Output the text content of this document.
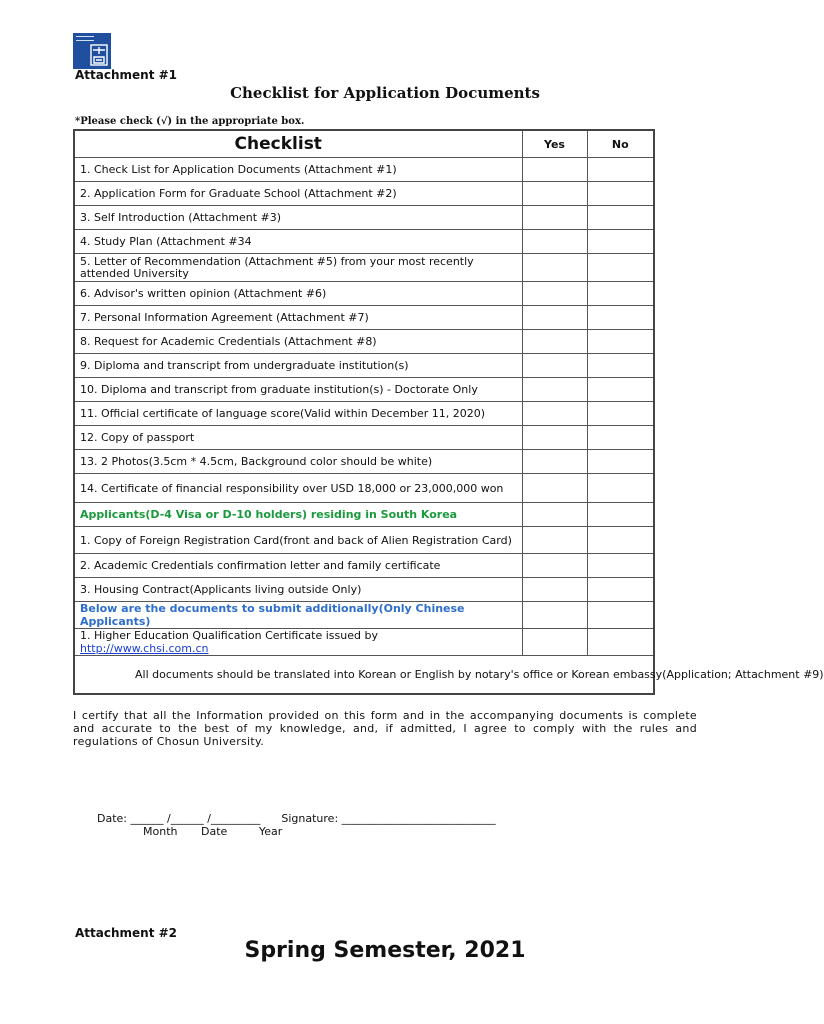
Attachment #1
Checklist for Application Documents
*Please check (√) in the appropriate box.
Checklist	Yes	No
1. Check List for Application Documents (Attachment #1)		
2. Application Form for Graduate School (Attachment #2)		
3. Self Introduction (Attachment #3)		
4. Study Plan (Attachment #34		
5. Letter of Recommendation (Attachment #5) from your most recently attended University		
6. Advisor's written opinion (Attachment #6)		
7. Personal Information Agreement (Attachment #7)		
8. Request for Academic Credentials (Attachment #8)		
9. Diploma and transcript from undergraduate institution(s)		
10. Diploma and transcript from graduate institution(s) - Doctorate Only		
11. Official certificate of language score(Valid within December 11, 2020)		
12. Copy of passport		
13. 2 Photos(3.5cm * 4.5cm, Background color should be white)		
14. Certificate of financial responsibility over USD 18,000 or 23,000,000 won		
Applicants(D-4 Visa or D-10 holders) residing in South Korea		
1. Copy of Foreign Registration Card(front and back of Alien Registration Card)		
2. Academic Credentials confirmation letter and family certificate		
3. Housing Contract(Applicants living outside Only)		
Below are the documents to submit additionally(Only Chinese Applicants)		
1. Higher Education Qualification Certificate issued by
http://www.chsi.com.cn		
All documents should be translated into Korean or English by notary's office or Korean embassy(Application; Attachment #9)		
I certify that all the Information provided on this form and in the accompanying documents is complete and accurate to the best of my knowledge, and, if admitted, I agree to comply with the rules and regulations of Chosun University.
Date: ______ /______ /_________      Signature: ____________________________
Month Date	Year
Attachment #2
Spring Semester, 2021
